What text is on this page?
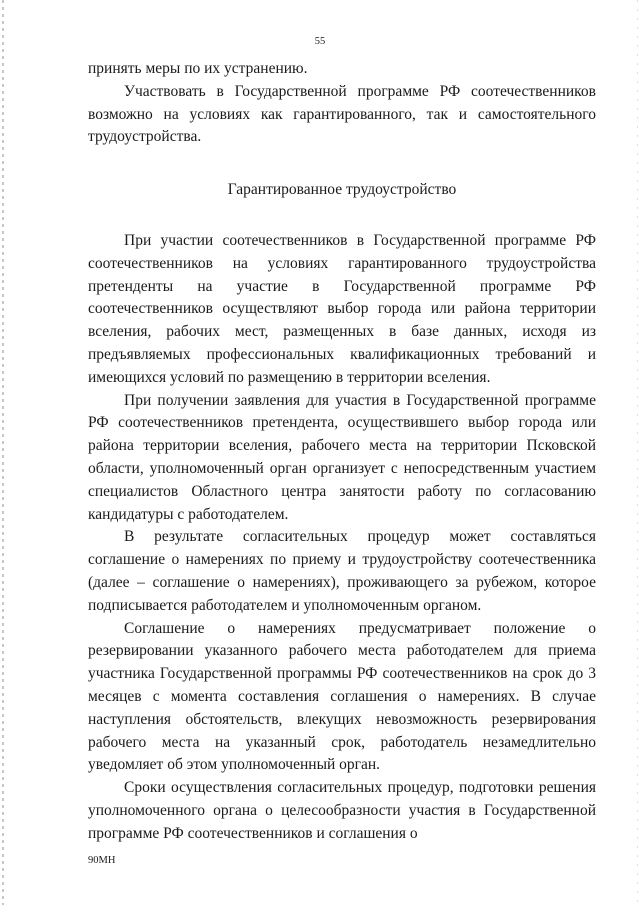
55

принять меры по их устранению.

Участвовать в Государственной программе РФ соотечественников возможно на условиях как гарантированного, так и самостоятельного трудоустройства.

Гарантированное трудоустройство

При участии соотечественников в Государственной программе РФ соотечественников на условиях гарантированного трудоустройства претенденты на участие в Государственной программе РФ соотечественников осуществляют выбор города или района территории вселения, рабочих мест, размещенных в базе данных, исходя из предъявляемых профессиональных квалификационных требований и имеющихся условий по размещению в территории вселения.

При получении заявления для участия в Государственной программе РФ соотечественников претендента, осуществившего выбор города или района территории вселения, рабочего места на территории Псковской области, уполномоченный орган организует с непосредственным участием специалистов Областного центра занятости работу по согласованию кандидатуры с работодателем.

В результате согласительных процедур может составляться соглашение о намерениях по приему и трудоустройству соотечественника (далее – соглашение о намерениях), проживающего за рубежом, которое подписывается работодателем и уполномоченным органом.

Соглашение о намерениях предусматривает положение о резервировании указанного рабочего места работодателем для приема участника Государственной программы РФ соотечественников на срок до 3 месяцев с момента составления соглашения о намерениях. В случае наступления обстоятельств, влекущих невозможность резервирования рабочего места на указанный срок, работодатель незамедлительно уведомляет об этом уполномоченный орган.

Сроки осуществления согласительных процедур, подготовки решения уполномоченного органа о целесообразности участия в Государственной программе РФ соотечественников и соглашения о

90МН
